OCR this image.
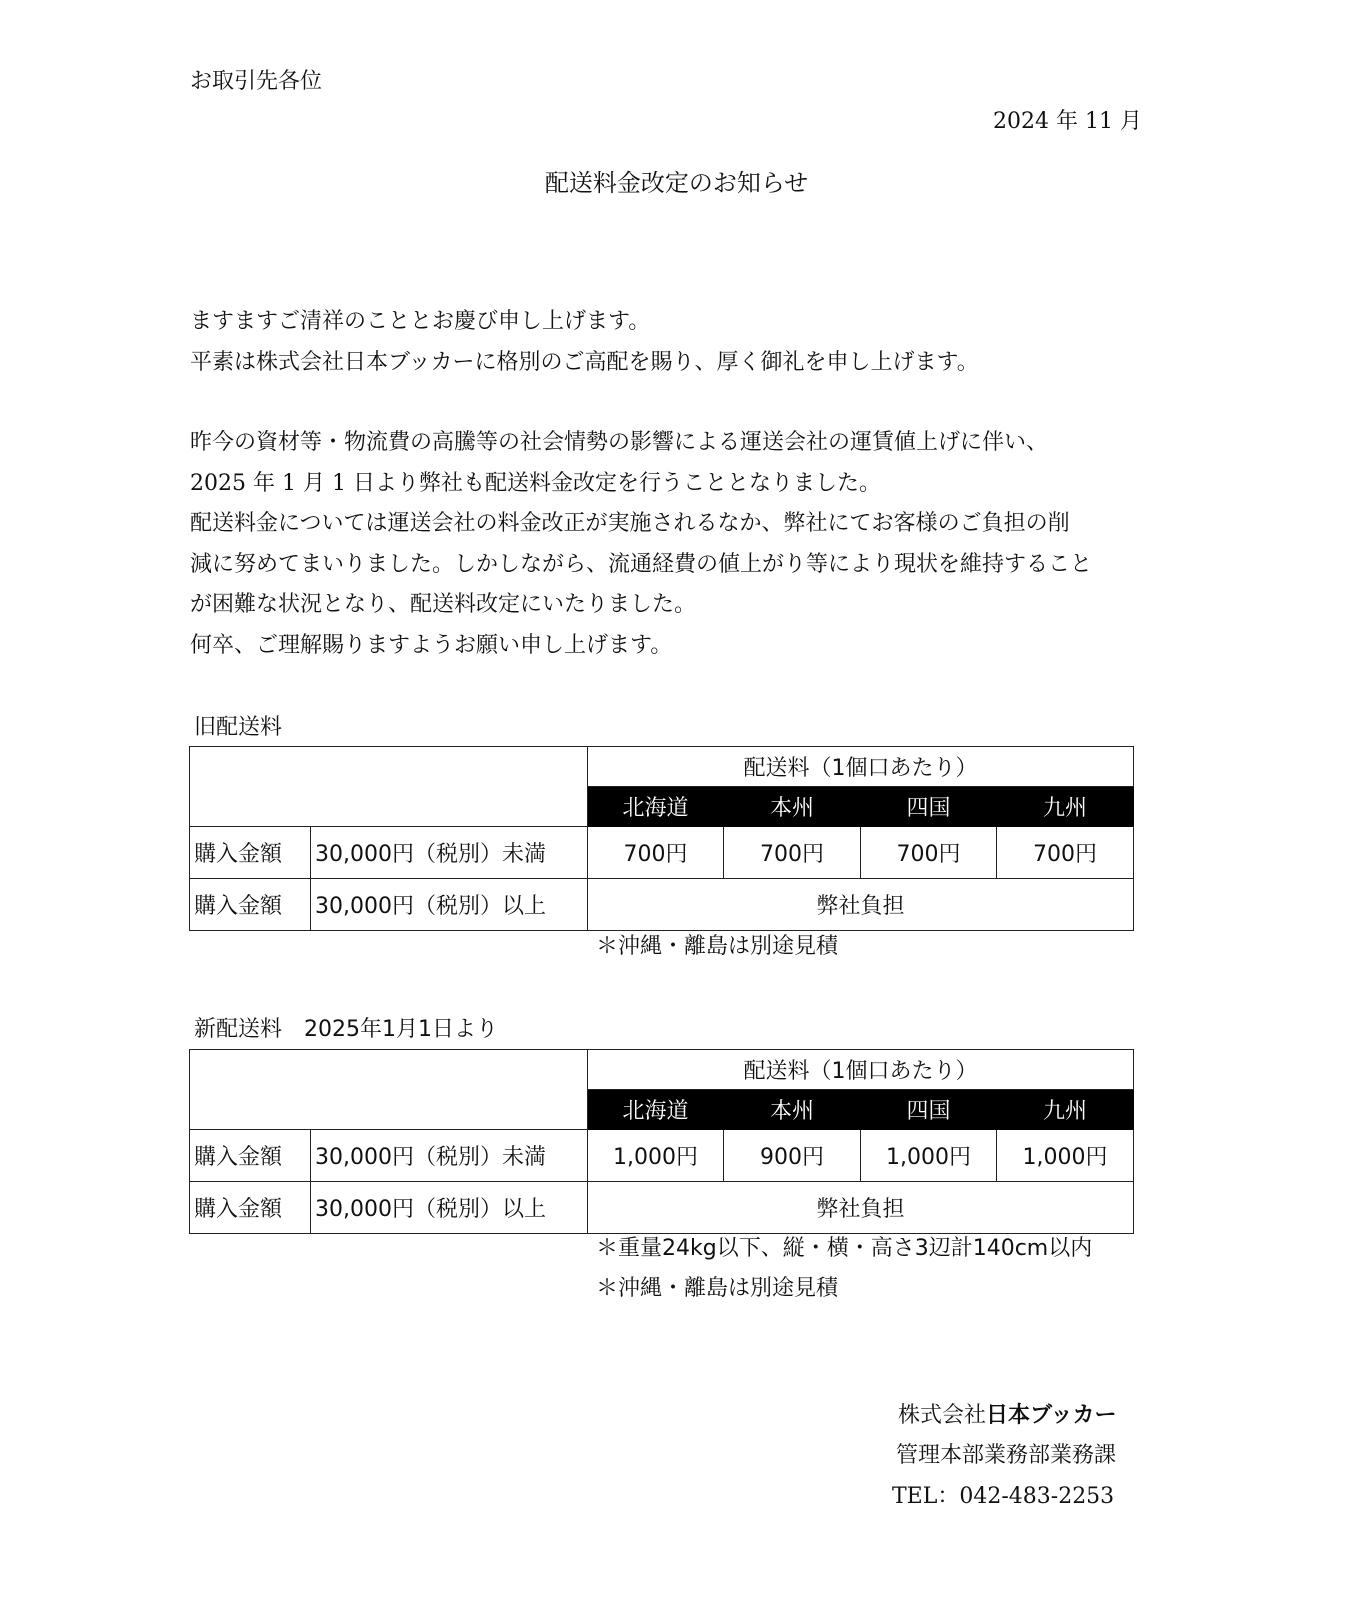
お取引先各位
2024 年 11 月
配送料金改定のお知らせ
ますますご清祥のこととお慶び申し上げます。
平素は株式会社日本ブッカーに格別のご高配を賜り、厚く御礼を申し上げます。
昨今の資材等・物流費の高騰等の社会情勢の影響による運送会社の運賃値上げに伴い、
2025 年 1 月 1 日より弊社も配送料金改定を行うこととなりました。
配送料金については運送会社の料金改正が実施されるなか、弊社にてお客様のご負担の削
減に努めてまいりました。しかしながら、流通経費の値上がり等により現状を維持すること
が困難な状況となり、配送料改定にいたりました。
何卒、ご理解賜りますようお願い申し上げます。
旧配送料
		配送料（1個口あたり）			
		北海道	本州	四国	九州
購入金額	30,000円（税別）未満	700円	700円	700円	700円
購入金額	30,000円（税別）以上	弊社負担			
＊沖縄・離島は別途見積
新配送料　2025年1月1日より
		配送料（1個口あたり）			
		北海道	本州	四国	九州
購入金額	30,000円（税別）未満	1,000円	900円	1,000円	1,000円
購入金額	30,000円（税別）以上	弊社負担			
＊重量24kg以下、縦・横・高さ3辺計140cm以内
＊沖縄・離島は別途見積
株式会社日本ブッカー
管理本部業務部業務課
TEL：042-483-2253
